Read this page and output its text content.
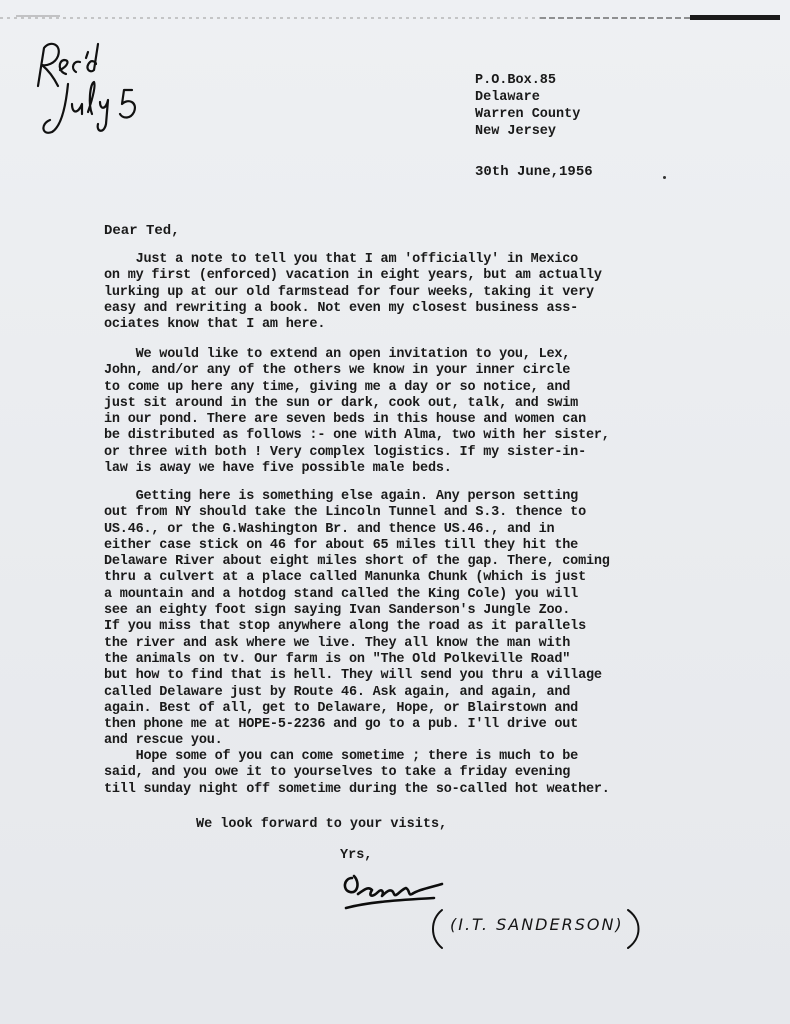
P.O.Box.85
Delaware
Warren County
New Jersey
30th June,1956
Dear Ted,
Just a note to tell you that I am 'officially' in Mexico
on my first (enforced) vacation in eight years, but am actually
lurking up at our old farmstead for four weeks, taking it very
easy and rewriting a book. Not even my closest business ass-
ociates know that I am here.
We would like to extend an open invitation to you, Lex,
John, and/or any of the others we know in your inner circle
to come up here any time, giving me a day or so notice, and
just sit around in the sun or dark, cook out, talk, and swim
in our pond. There are seven beds in this house and women can
be distributed as follows :- one with Alma, two with her sister,
or three with both ! Very complex logistics. If my sister-in-
law is away we have five possible male beds.
Getting here is something else again. Any person setting
out from NY should take the Lincoln Tunnel and S.3. thence to
US.46., or the G.Washington Br. and thence US.46., and in
either case stick on 46 for about 65 miles till they hit the
Delaware River about eight miles short of the gap. There, coming
thru a culvert at a place called Manunka Chunk (which is just
a mountain and a hotdog stand called the King Cole) you will
see an eighty foot sign saying Ivan Sanderson's Jungle Zoo.
If you miss that stop anywhere along the road as it parallels
the river and ask where we live. They all know the man with
the animals on tv. Our farm is on "The Old Polkeville Road"
but how to find that is hell. They will send you thru a village
called Delaware just by Route 46. Ask again, and again, and
again. Best of all, get to Delaware, Hope, or Blairstown and
then phone me at HOPE-5-2236 and go to a pub. I'll drive out
and rescue you.
Hope some of you can come sometime ; there is much to be
said, and you owe it to yourselves to take a friday evening
till sunday night off sometime during the so-called hot weather.
We look forward to your visits,
Yrs,
(I.T. SANDERSON)
